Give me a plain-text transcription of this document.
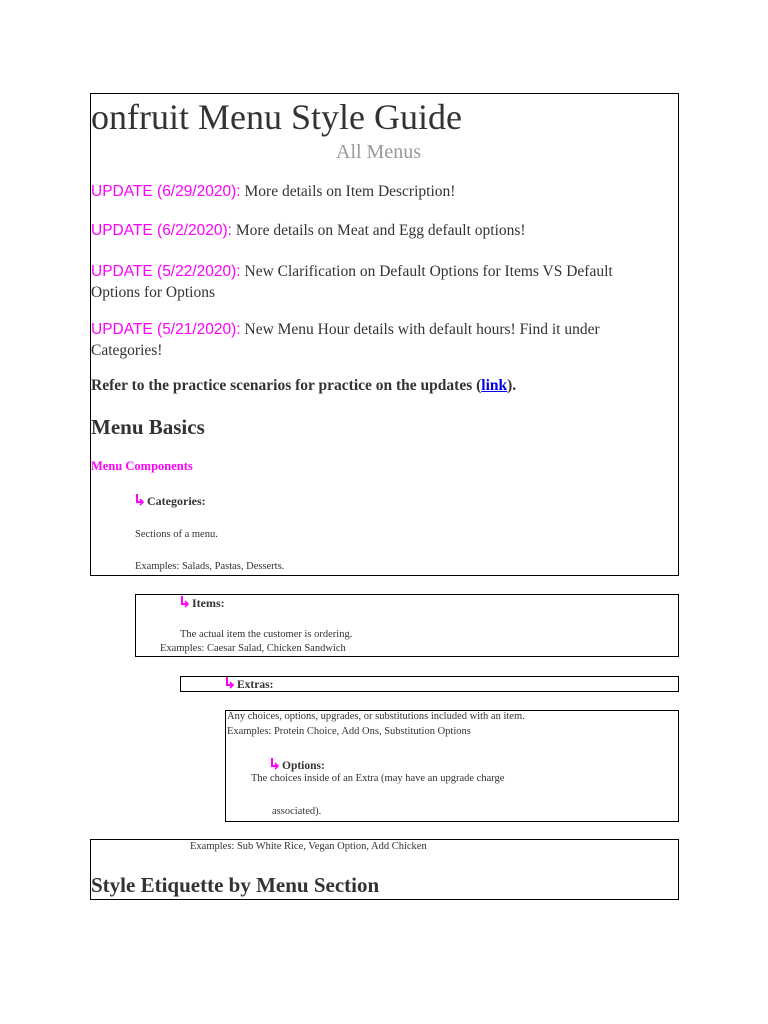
onfruit Menu Style Guide
All Menus
UPDATE (6/29/2020): More details on Item Description!
UPDATE (6/2/2020): More details on Meat and Egg default options!
UPDATE (5/22/2020): New Clarification on Default Options for Items VS Default
Options for Options
UPDATE (5/21/2020): New Menu Hour details with default hours! Find it under
Categories!
Refer to the practice scenarios for practice on the updates (link).
Menu Basics
Menu Components
Categories:
Sections of a menu.
Examples: Salads, Pastas, Desserts.
Items:
The actual item the customer is ordering.
Examples: Caesar Salad, Chicken Sandwich
Extras:
Any choices, options, upgrades, or substitutions included with an item.
Examples: Protein Choice, Add Ons, Substitution Options
Options:
The choices inside of an Extra (may have an upgrade charge
associated).
Examples: Sub White Rice, Vegan Option, Add Chicken
Style Etiquette by Menu Section
